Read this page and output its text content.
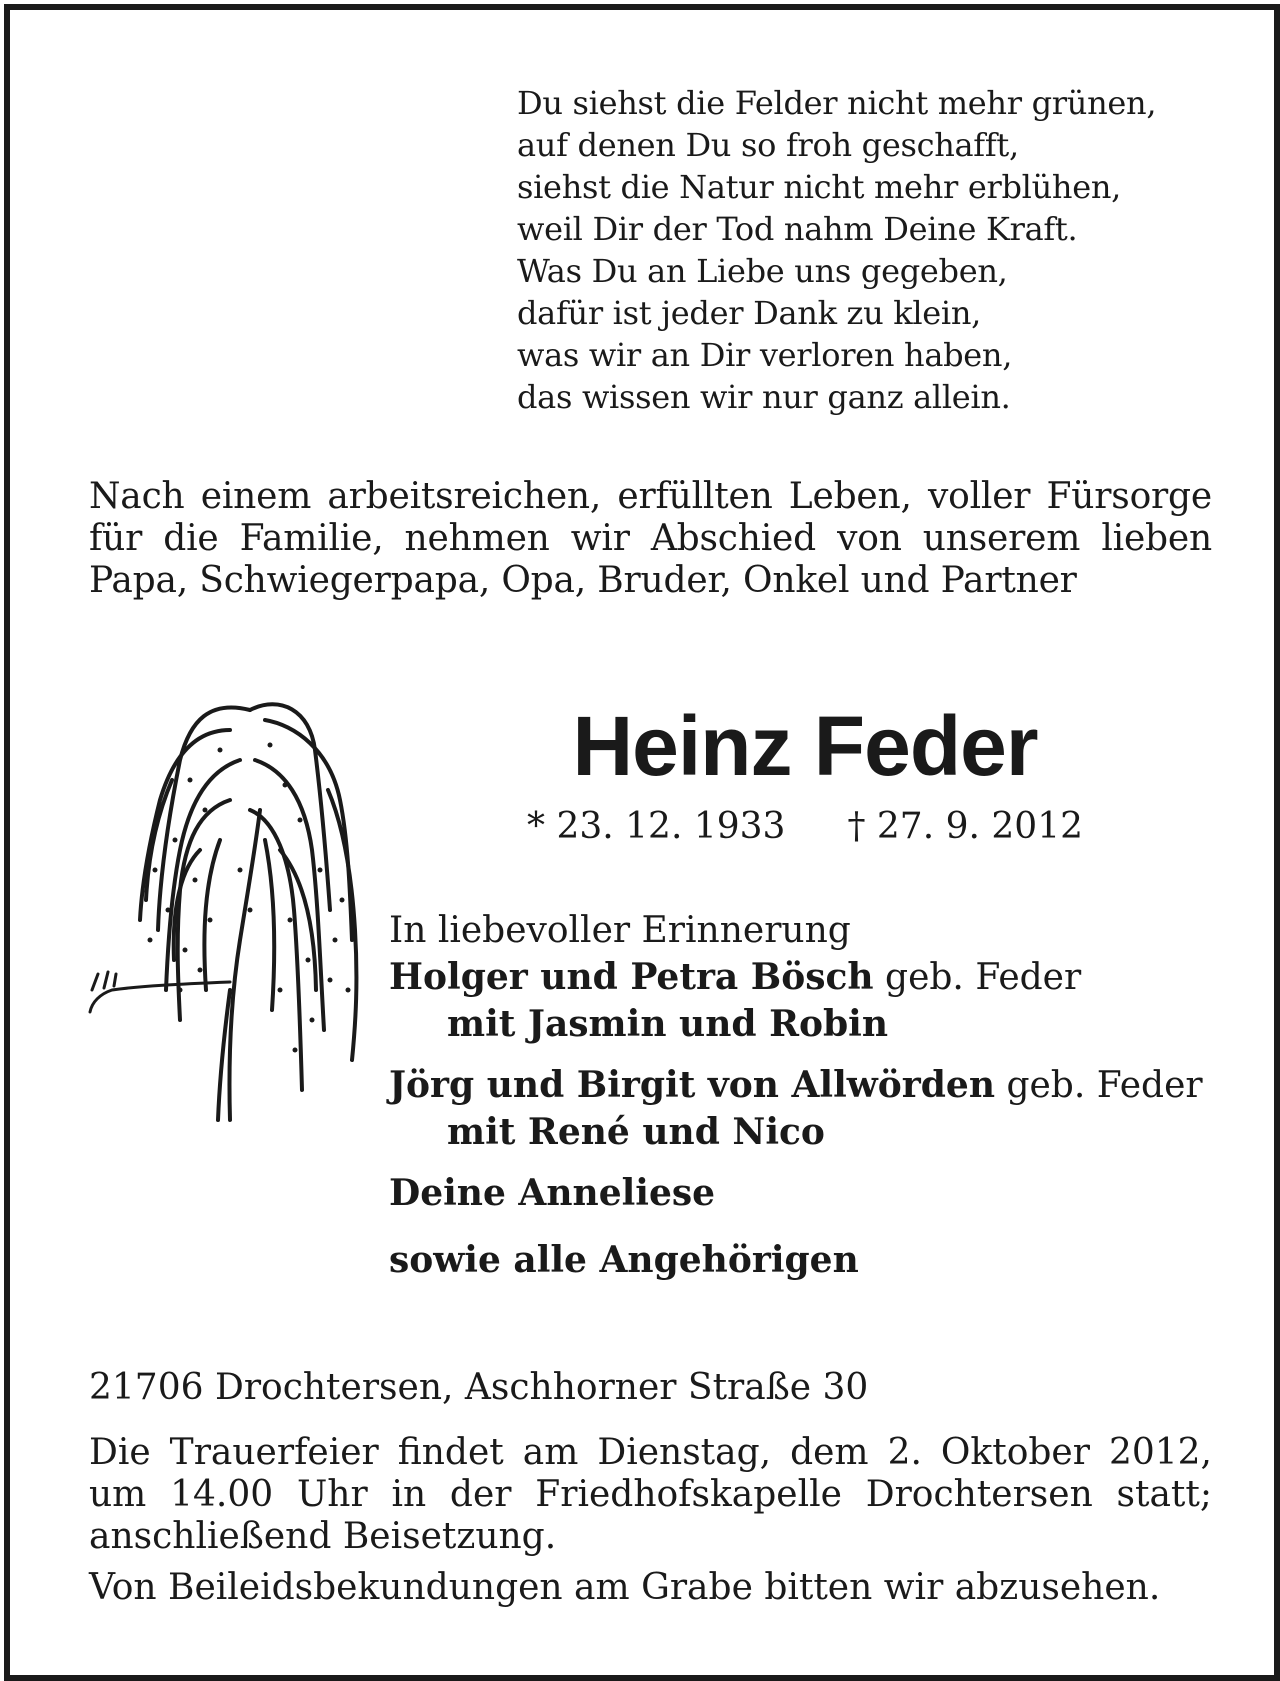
Du siehst die Felder nicht mehr grünen,
auf denen Du so froh geschafft,
siehst die Natur nicht mehr erblühen,
weil Dir der Tod nahm Deine Kraft.
Was Du an Liebe uns gegeben,
dafür ist jeder Dank zu klein,
was wir an Dir verloren haben,
das wissen wir nur ganz allein.

Nach einem arbeitsreichen, erfüllten Leben, voller Fürsorge für die Familie, nehmen wir Abschied von unserem lieben Papa, Schwiegerpapa, Opa, Bruder, Onkel und Partner

Heinz Feder
* 23. 12. 1933 † 27. 9. 2012
In liebevoller Erinnerung
Holger und Petra Bösch geb. Feder
mit Jasmin und Robin
Jörg und Birgit von Allwörden geb. Feder
mit René und Nico
Deine Anneliese
sowie alle Angehörigen

21706 Drochtersen, Aschhorner Straße 30

Die Trauerfeier findet am Dienstag, dem 2. Oktober 2012, um 14.00 Uhr in der Friedhofskapelle Drochtersen statt; anschließend Beisetzung.

Von Beileidsbekundungen am Grabe bitten wir abzusehen.
